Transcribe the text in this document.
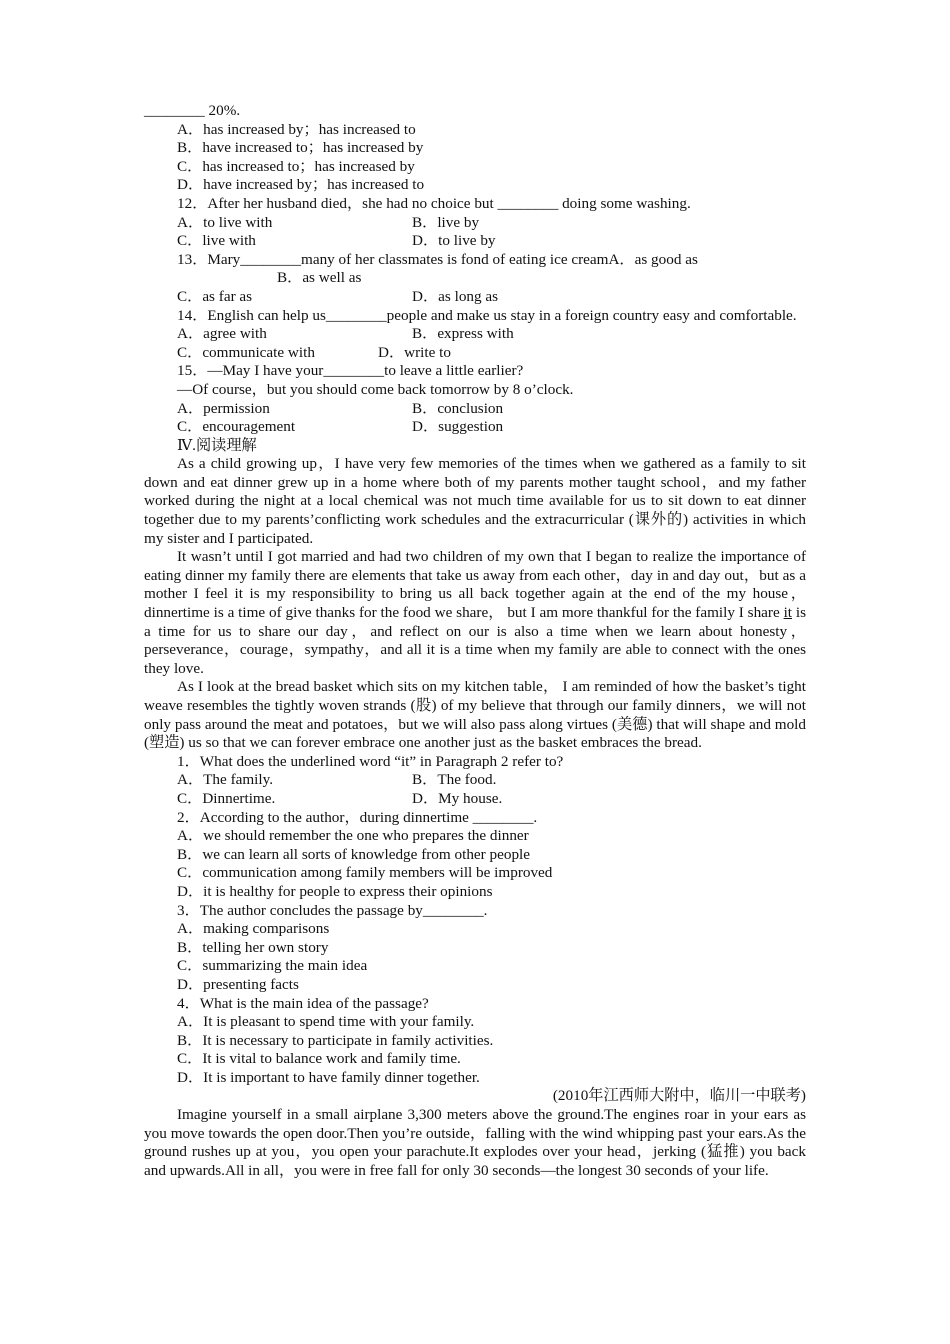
________ 20%.
A．has increased by；has increased to
B．have increased to；has increased by
C．has increased to；has increased by
D．have increased by；has increased to
12．After her husband died，she had no choice but ________ doing some washing.
A．to live with	B．live by
C．live with	D．to live by
13．Mary________many of her classmates is fond of eating ice creamA．as good as
B．as well as
C．as far as	D．as long as
14．English can help us________people and make us stay in a foreign country easy and comfortable.
A．agree with	B．express with
C．communicate with	D．write to
15．—May I have your________to leave a little earlier?
—Of course，but you should come back tomorrow by 8 o’clock.
A．permission	B．conclusion
C．encouragement	D．suggestion
Ⅳ.阅读理解
As a child growing up，I have very few memories of the times when we gathered as a family to sit down and eat dinner grew up in a home where both of my parents mother taught school，and my father worked during the night at a local chemical was not much time available for us to sit down to eat dinner together due to my parents’conflicting work schedules and the extracurricular (课外的) activities in which my sister and I participated.
It wasn’t until I got married and had two children of my own that I began to realize the importance of eating dinner my family there are elements that take us away from each other，day in and day out，but as a mother I feel it is my responsibility to bring us all back together again at the end of the my house，dinnertime is a time of give thanks for the food we share， but I am more thankful for the family I share it is a time for us to share our day，and reflect on our is also a time when we learn about honesty，perseverance，courage，sympathy，and all it is a time when my family are able to connect with the ones they love.
As I look at the bread basket which sits on my kitchen table， I am reminded of how the basket’s tight weave resembles the tightly woven strands (股) of my believe that through our family dinners，we will not only pass around the meat and potatoes，but we will also pass along virtues (美德) that will shape and mold (塑造) us so that we can forever embrace one another just as the basket embraces the bread.
1．What does the underlined word “it” in Paragraph 2 refer to?
A．The family.	B．The food.
C．Dinnertime.	D．My house.
2．According to the author，during dinnertime ________.
A．we should remember the one who prepares the dinner
B．we can learn all sorts of knowledge from other people
C．communication among family members will be improved
D．it is healthy for people to express their opinions
3．The author concludes the passage by________.
A．making comparisons
B．telling her own story
C．summarizing the main idea
D．presenting facts
4．What is the main idea of the passage?
A．It is pleasant to spend time with your family.
B．It is necessary to participate in family activities.
C．It is vital to balance work and family time.
D．It is important to have family dinner together.
(2010年江西师大附中，临川一中联考)
Imagine yourself in a small airplane 3,300 meters above the ground.The engines roar in your ears as you move towards the open door.Then you’re outside，falling with the wind whipping past your ears.As the ground rushes up at you，you open your parachute.It explodes over your head，jerking (猛推) you back and upwards.All in all，you were in free fall for only 30 seconds—the longest 30 seconds of your life.
